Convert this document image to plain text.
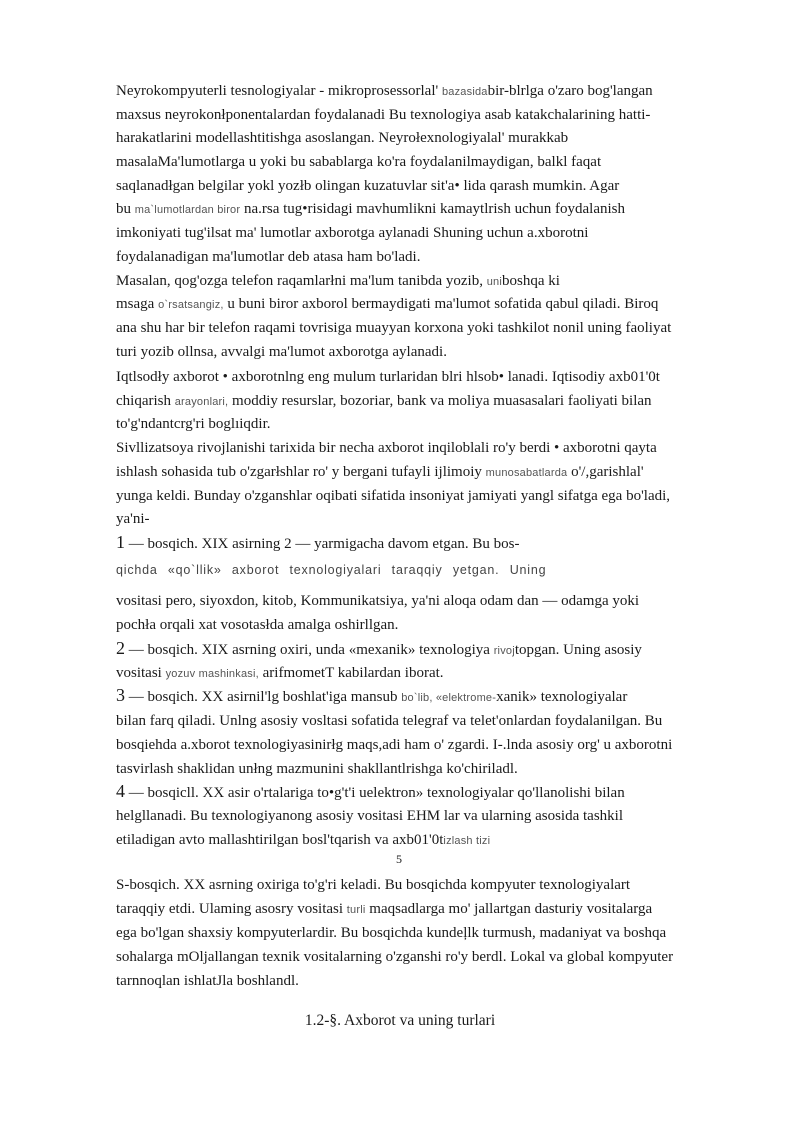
Neyrokompyuterli tesnologiyalar - mikroprosessorlal' bazasidabir-blrlga o'zaro bog'langan
maxsus neyrokonłponentalardan foydalanadi Bu texnologiya asab katakchalarining hatti-
harakatlarini modellashtitishga asoslangan. Neyrołexnologiyalal' murakkab
masalaMa'lumotlarga u yoki bu sabablarga ko'ra foydalanilmaydigan, balkl faqat
saqlanadłgan belgilar yokl yozłb olingan kuzatuvlar sit'a• lida qarash mumkin. Agar
bu ma`lumotlardan biror na.rsa tug•risidagi mavhumlikni kamaytlrish uchun foydalanish
imkoniyati tug'ilsat ma' lumotlar axborotga aylanadi Shuning uchun a.xborotni
foydalanadigan ma'lumotlar deb atasa ham bo'ladi.
Masalan, qog'ozga telefon raqamlarłni ma'lum tanibda yozib, uniboshqa ki
msaga o`rsatsangiz, u buni biror axborol bermaydigati ma'lumot sofatida qabul qiladi. Biroq
ana shu har bir telefon raqami tovrisiga muayyan korxona yoki tashkilot nonil uning faoliyat
turi yozib ollnsa, avvalgi ma'lumot axborotga aylanadi.
Iqtlsodły axborot • axborotnlng eng mulum turlaridan blri hlsob• lanadi. Iqtisodiy axb01'0t
chiqarish arayonlari, moddiy resurslar, bozoriar, bank va moliya muasasalari faoliyati bilan
to'g'ndantcrg'ri boglıiqdir.
Sivllizatsoya rivojlanishi tarixida bir necha axborot inqiloblali ro'y berdi • axborotni qayta
ishlash sohasida tub o'zgarłshlar ro' y bergani tufayli ijlimoiy munosabatlarda o'/,garishlal'
yunga keldi. Bunday o'zganshlar oqibati sifatida insoniyat jamiyati yangl sifatga ega bo'ladi,
ya'ni-
1 — bosqich. XIX asirning 2 — yarmigacha davom etgan. Bu bos-
qichda «qo`llik» axborot texnologiyalari taraqqiy yetgan. Uning
vositasi pero, siyoxdon, kitob, Kommunikatsiya, ya'ni aloqa odam dan — odamga yoki
pochła orqali xat vosotasłda amalga oshirllgan.
2 — bosqich. XIX asrning oxiri, unda «mexanik» texnologiya rivojtopgan. Uning asosiy
vositasi yozuv mashinkasi, arifmometT kabilardan iborat.
3 — bosqich. XX asirnil'lg boshlat'iga mansub bo`lib, «elektrome-xanik» texnologiyalar
bilan farq qiladi. Unlng asosiy vosltasi sofatida telegraf va telet'onlardan foydalanilgan. Bu
bosqiehda a.xborot texnologiyasinirłg maqs,adi ham o' zgardi. I-.lnda asosiy org' u axborotni
tasvirlash shaklidan unłng mazmunini shakllantlrishga ko'chiriladl.
4 — bosqicll. XX asir o'rtalariga to•g't'i uelektron» texnologiyalar qo'llanolishi bilan
helgllanadi. Bu texnologiyanong asosiy vositasi EHM lar va ularning asosida tashkil
etiladigan avto mallashtirilgan bosl'tqarish va axb01'0tizlash tizi
5
S-bosqich. XX asrning oxiriga to'g'ri keladi. Bu bosqichda kompyuter texnologiyalart
taraqqiy etdi. Ulaming asosry vositasi turli maqsadlarga mo' jallartgan dasturiy vositalarga
ega bo'lgan shaxsiy kompyuterlardir. Bu bosqichda kundeļlk turmush, madaniyat va boshqa
sohalarga mOljallangan texnik vositalarning o'zganshi ro'y berdl. Lokal va global kompyuter
tarnnoqlan ishlatJla boshlandl.
1.2-§. Axborot va uning turlari
